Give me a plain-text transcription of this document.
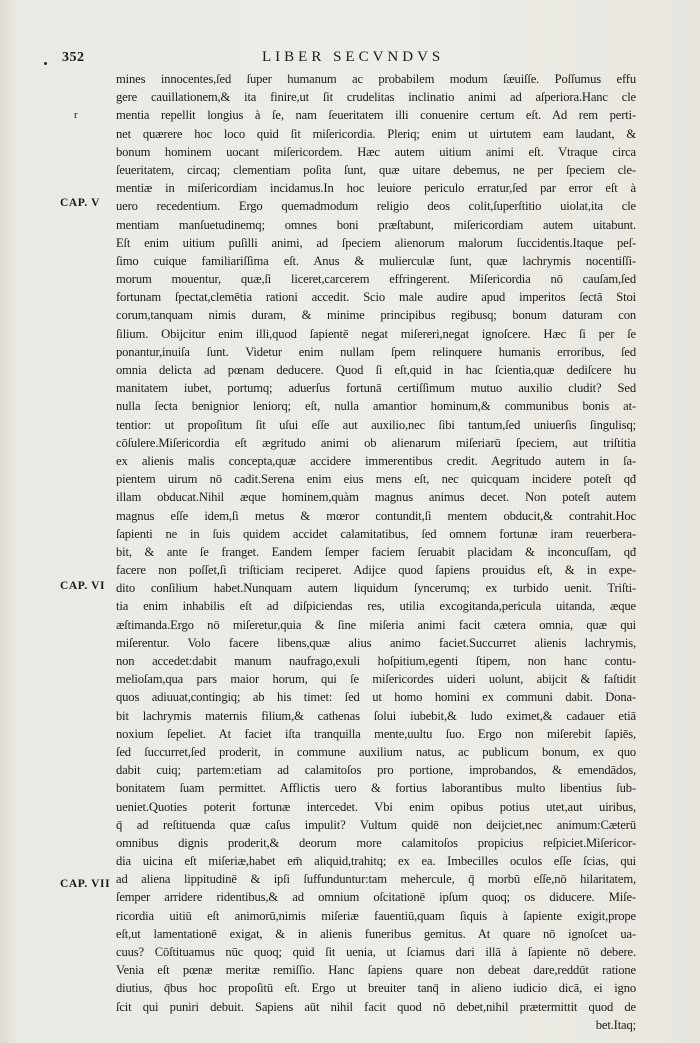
352	LIBER SECVNDVS
r
CAP. V
CAP. VI
CAP. VII
mines innocentes,ſed ſuper humanum ac probabilem modum ſæuiſſe. Poſſumus effu
gere cauillationem,& ita finire,ut ſit crudelitas inclinatio animi ad aſperiora.Hanc cle
mentia repellit longius à ſe, nam ſeueritatem illi conuenire certum eſt. Ad rem perti-
net quærere hoc loco quid ſit miſericordia. Pleriq; enim ut uirtutem eam laudant, &
bonum hominem uocant miſericordem. Hæc autem uitium animi eſt. Vtraque circa
ſeueritatem, circaq; clementiam poſita ſunt, quæ uitare debemus, ne per ſpeciem cle-
mentiæ in miſericordiam incidamus.In hoc leuiore periculo erratur,ſed par error eſt à
uero recedentium. Ergo quemadmodum religio deos colit,ſuperſtitio uiolat,ita cle
mentiam manſuetudinemq; omnes boni præſtabunt, miſericordiam autem uitabunt.
Eſt enim uitium puſilli animi, ad ſpeciem alienorum malorum ſuccidentis.Itaque peſ-
ſimo cuique familiariſſima eſt. Anus & mulierculæ ſunt, quæ lachrymis nocentiſſi-
morum mouentur, quæ,ſi liceret,carcerem effringerent. Miſericordia nō cauſam,ſed
fortunam ſpectat,clemētia rationi accedit. Scio male audire apud imperitos ſectā Stoi
corum,tanquam nimis duram, & minime principibus regibusq; bonum daturam con
ſilium. Obijcitur enim illi,quod ſapientē negat miſereri,negat ignoſcere. Hæc ſi per ſe
ponantur,inuiſa ſunt. Videtur enim nullam ſpem relinquere humanis erroribus, ſed
omnia delicta ad pœnam deducere. Quod ſi eſt,quid in hac ſcientia,quæ dediſcere hu
manitatem iubet, portumq; aduerſus fortunā certiſſimum mutuo auxilio cludit? Sed
nulla ſecta benignior leniorq; eſt, nulla amantior hominum,& communibus bonis at-
tentior: ut propoſitum ſit uſui eſſe aut auxilio,nec ſibi tantum,ſed uniuerſis ſingulisq;
cōſulere.Miſericordia eſt ægritudo animi ob alienarum miſeriarū ſpeciem, aut triſtitia
ex alienis malis concepta,quæ accidere immerentibus credit. Aegritudo autem in ſa-
pientem uirum nō cadit.Serena enim eius mens eſt, nec quicquam incidere poteſt qđ
illam obducat.Nihil æque hominem,quàm magnus animus decet. Non poteſt autem
magnus eſſe idem,ſi metus & mœror contundit,ſi mentem obducit,& contrahit.Hoc
ſapienti ne in ſuis quidem accidet calamitatibus, ſed omnem fortunæ iram reuerbera-
bit, & ante ſe franget. Eandem ſemper faciem ſeruabit placidam & inconcuſſam, qđ
facere non poſſet,ſi triſticiam reciperet. Adijce quod ſapiens prouidus eſt, & in expe-
dito conſilium habet.Nunquam autem liquidum ſyncerumq; ex turbido uenit. Triſti-
tia enim inhabilis eſt ad diſpiciendas res, utilia excogitanda,pericula uitanda, æque
æſtimanda.Ergo nō miſeretur,quia & ſine miſeria animi facit cætera omnia, quæ qui
miſerentur. Volo facere libens,quæ alius animo faciet.Succurret alienis lachrymis,
non accedet:dabit manum naufrago,exuli hoſpitium,egenti ſtipem, non hanc contu-
melioſam,qua pars maior horum, qui ſe miſericordes uideri uolunt, abijcit & faſtidit
quos adiuuat,contingiq; ab his timet: ſed ut homo homini ex communi dabit. Dona-
bit lachrymis maternis filium,& cathenas ſolui iubebit,& ludo eximet,& cadauer etiā
noxium ſepeliet. At faciet iſta tranquilla mente,uultu ſuo. Ergo non miſerebit ſapiēs,
ſed ſuccurret,ſed proderit, in commune auxilium natus, ac publicum bonum, ex quo
dabit cuiq; partem:etiam ad calamitoſos pro portione, improbandos, & emendādos,
bonitatem ſuam permittet. Afflictis uero & fortius laborantibus multo libentius ſub-
ueniet.Quoties poterit fortunæ intercedet. Vbi enim opibus potius utet,aut uiribus,
q̄ ad reſtituenda quæ caſus impulit? Vultum quidē non deijciet,nec animum:Cæterū
omnibus dignis proderit,& deorum more calamitoſos propicius reſpiciet.Miſericor-
dia uicina eſt miſeriæ,habet em̄ aliquid,trahitq; ex ea. Imbecilles oculos eſſe ſcias, qui
ad aliena lippitudinē & ipſi ſuffunduntur:tam mehercule, q̄ morbū eſſe,nō hilaritatem,
ſemper arridere ridentibus,& ad omnium oſcitationē ipſum quoq; os diducere. Miſe-
ricordia uitiū eſt animorū,nimis miſeriæ fauentiū,quam ſiquis à ſapiente exigit,prope
eſt,ut lamentationē exigat, & in alienis funeribus gemitus. At quare nō ignoſcet ua-
cuus? Cōſtituamus nūc quoq; quid ſit uenia, ut ſciamus dari illā à ſapiente nō debere.
Venia eſt pœnæ meritæ remiſſio. Hanc ſapiens quare non debeat dare,reddūt ratione
diutius, q̄bus hoc propoſitū eſt. Ergo ut breuiter tanq̄ in alieno iudicio dicā, ei igno
ſcit qui puniri debuit. Sapiens aūt nihil facit quod nō debet,nihil prætermittit quod de
bet.Itaq;
